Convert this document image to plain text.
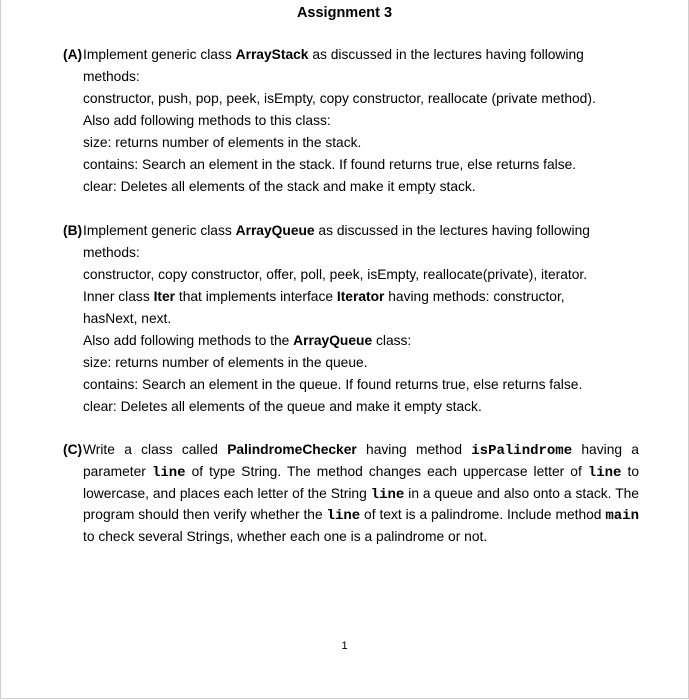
Assignment 3

(A)Implement generic class ArrayStack as discussed in the lectures having following

methods:

constructor, push, pop, peek, isEmpty, copy constructor, reallocate (private method).

Also add following methods to this class:

size: returns number of elements in the stack.

contains: Search an element in the stack. If found returns true, else returns false.

clear: Deletes all elements of the stack and make it empty stack.

(B)Implement generic class ArrayQueue as discussed in the lectures having following

methods:

constructor, copy constructor, offer, poll, peek, isEmpty, reallocate(private), iterator.

Inner class Iter that implements interface Iterator having methods: constructor,

hasNext, next.

Also add following methods to the ArrayQueue class:

size: returns number of elements in the queue.

contains: Search an element in the queue. If found returns true, else returns false.

clear: Deletes all elements of the queue and make it empty stack.

(C) Write a class called PalindromeChecker having method isPalindrome having a parameter line of type String. The method changes each uppercase letter of line to lowercase, and places each letter of the String line in a queue and also onto a stack. The program should then verify whether the line of text is a palindrome. Include method main to check several Strings, whether each one is a palindrome or not.
1
